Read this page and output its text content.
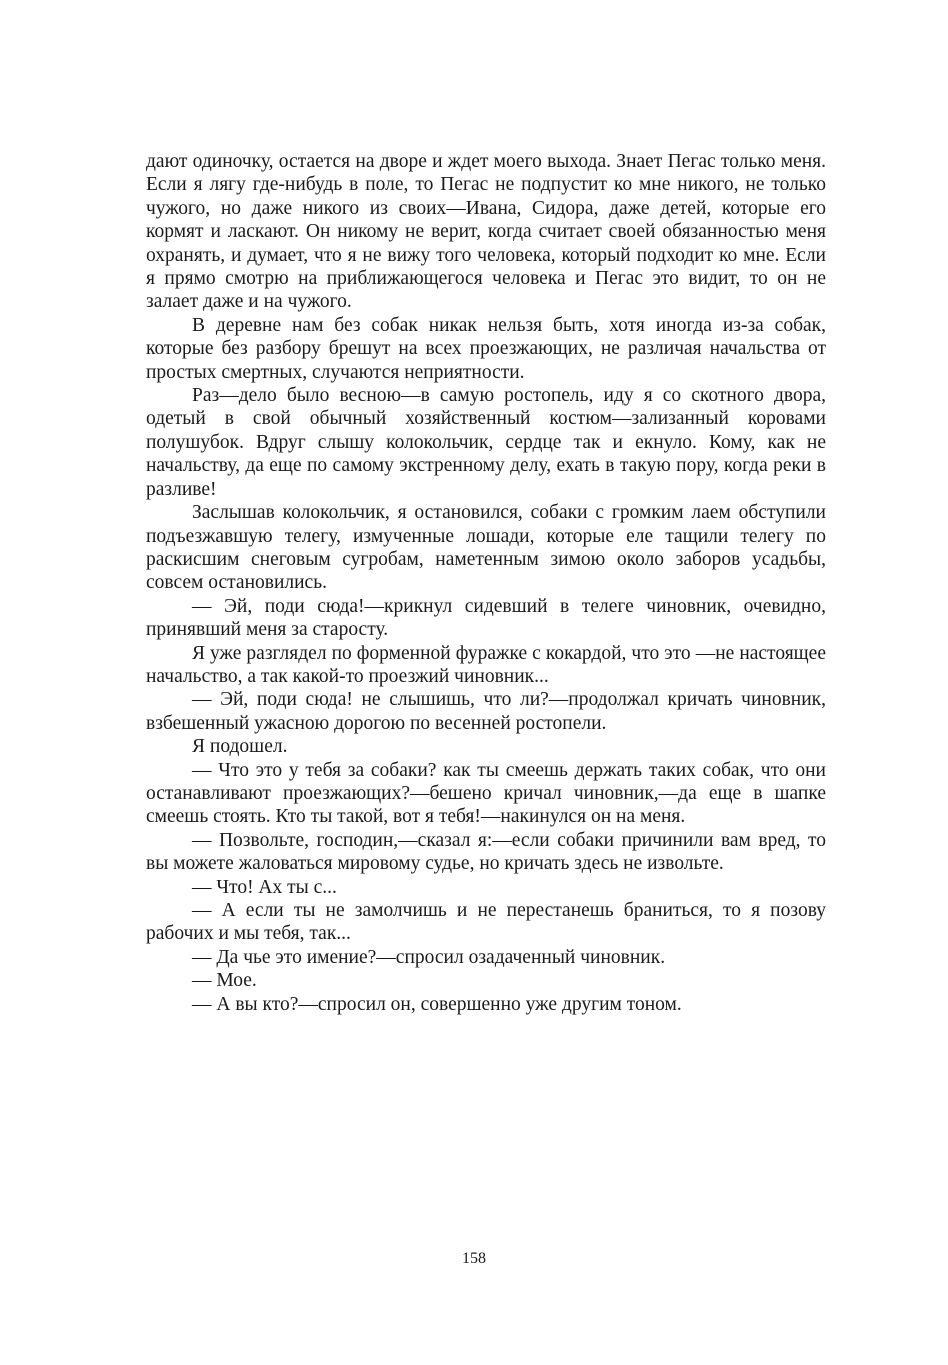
дают одиночку, остается на дворе и ждет моего выхода. Знает Пегас только меня. Если я лягу где-нибудь в поле, то Пегас не подпустит ко мне никого, не только чужого, но даже никого из своих—Ивана, Сидора, даже детей, которые его кормят и ласкают. Он никому не верит, когда считает своей обязанностью меня охранять, и думает, что я не вижу того человека, который подходит ко мне. Если я прямо смотрю на приближающегося человека и Пегас это видит, то он не залает даже и на чужого.

В деревне нам без собак никак нельзя быть, хотя иногда из-за собак, которые без разбору брешут на всех проезжающих, не различая начальства от простых смертных, случаются неприятности.

Раз—дело было весною—в самую ростопель, иду я со скотного двора, одетый в свой обычный хозяйственный костюм—зализанный коровами полушубок. Вдруг слышу колокольчик, сердце так и екнуло. Кому, как не начальству, да еще по самому экстренному делу, ехать в такую пору, когда реки в разливе!

Заслышав колокольчик, я остановился, собаки с громким лаем обступили подъезжавшую телегу, измученные лошади, которые еле тащили телегу по раскисшим снеговым сугробам, наметенным зимою около заборов усадьбы, совсем остановились.

— Эй, поди сюда!—крикнул сидевший в телеге чиновник, очевидно, принявший меня за старосту.

Я уже разглядел по форменной фуражке с кокардой, что это —не настоящее начальство, а так какой-то проезжий чиновник...

— Эй, поди сюда! не слышишь, что ли?—продолжал кричать чиновник, взбешенный ужасною дорогою по весенней ростопели.

Я подошел.

— Что это у тебя за собаки? как ты смеешь держать таких собак, что они останавливают проезжающих?—бешено кричал чиновник,—да еще в шапке смеешь стоять. Кто ты такой, вот я тебя!—накинулся он на меня.

— Позвольте, господин,—сказал я:—если собаки причинили вам вред, то вы можете жаловаться мировому судье, но кричать здесь не извольте.

— Что! Ах ты с...

— А если ты не замолчишь и не перестанешь браниться, то я позову рабочих и мы тебя, так...

— Да чье это имение?—спросил озадаченный чиновник.

— Мое.

— А вы кто?—спросил он, совершенно уже другим тоном.

158
